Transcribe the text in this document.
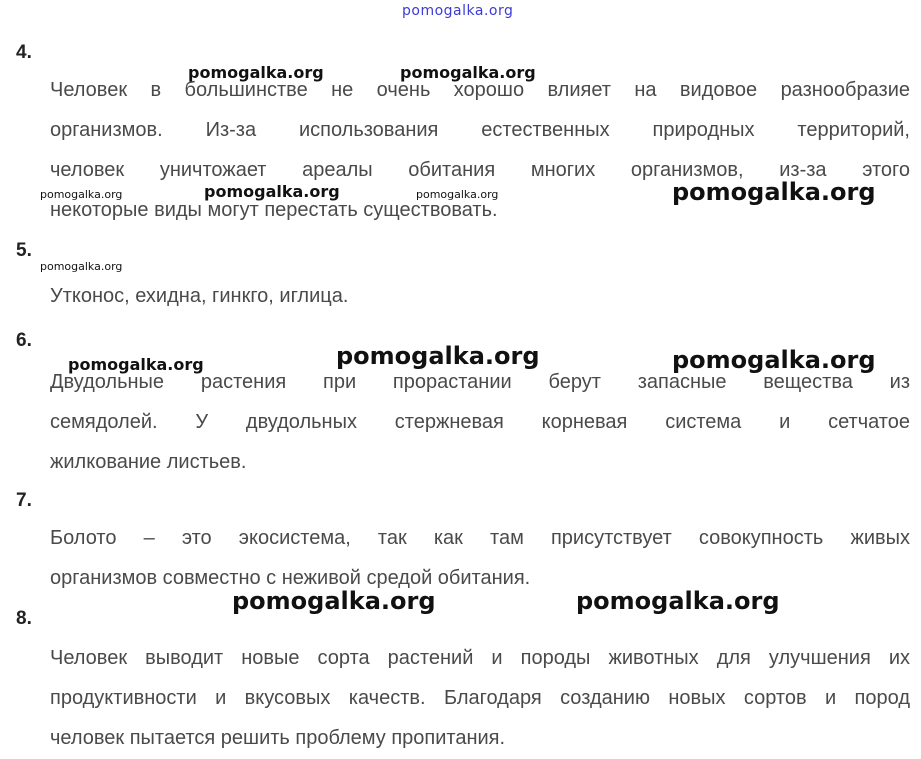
pomogalka.org
4.
Человек в большинстве не очень хорошо влияет на видовое разнообразие
организмов. Из-за использования естественных природных территорий,
человек уничтожает ареалы обитания многих организмов, из-за этого
некоторые виды могут перестать существовать.
5.
Утконос, ехидна, гинкго, иглица.
6.
Двудольные растения при прорастании берут запасные вещества из
семядолей. У двудольных стержневая корневая система и сетчатое
жилкование листьев.
7.
Болото – это экосистема, так как там присутствует совокупность живых
организмов совместно с неживой средой обитания.
8.
Человек выводит новые сорта растений и породы животных для улучшения их
продуктивности и вкусовых качеств. Благодаря созданию новых сортов и пород
человек пытается решить проблему пропитания.
pomogalka.org	pomogalka.org
pomogalka.org	pomogalka.org	pomogalka.org	pomogalka.org
pomogalka.org
pomogalka.org	pomogalka.org	pomogalka.org
pomogalka.org	pomogalka.org
